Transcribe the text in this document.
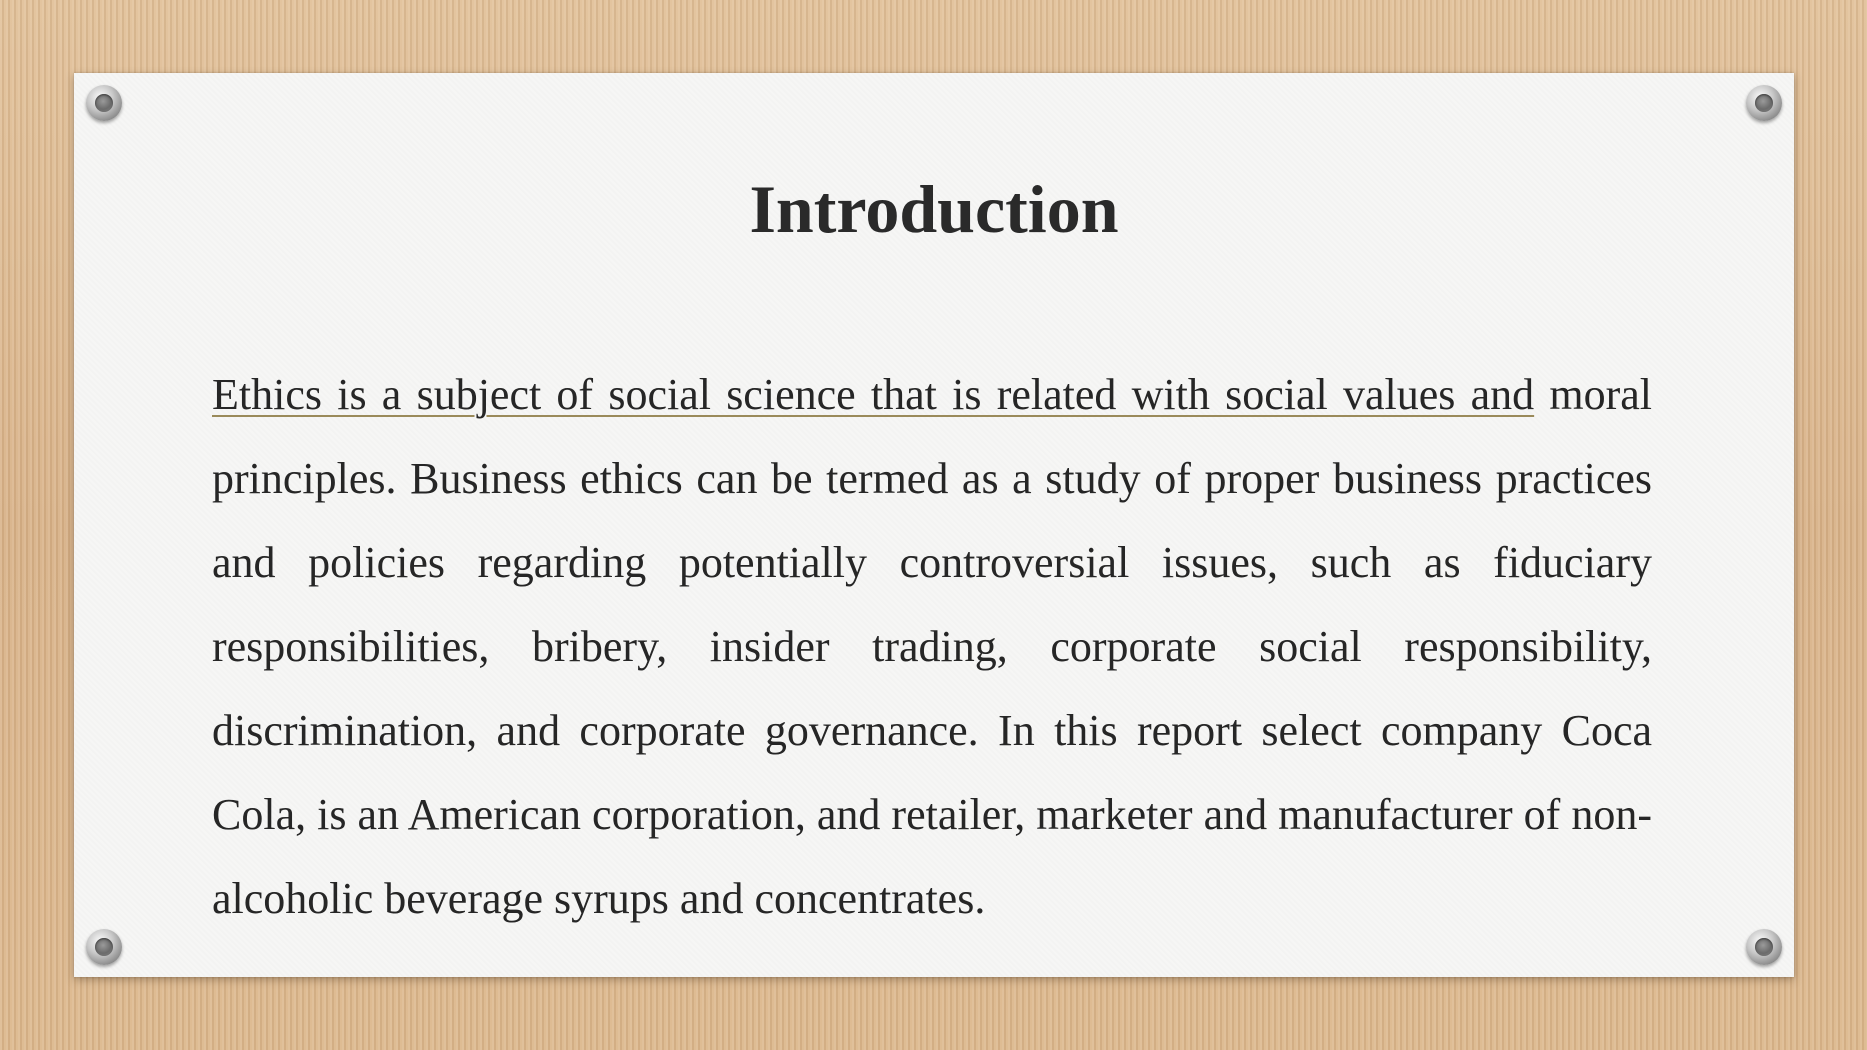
Introduction

Ethics is a subject of social science that is related with social values and moral principles. Business ethics can be termed as a study of proper business practices and policies regarding potentially controversial issues, such as fiduciary responsibilities, bribery, insider trading, corporate social responsibility, discrimination, and corporate governance. In this report select company Coca Cola, is an American corporation, and retailer, marketer and manufacturer of non-alcoholic beverage syrups and concentrates.
